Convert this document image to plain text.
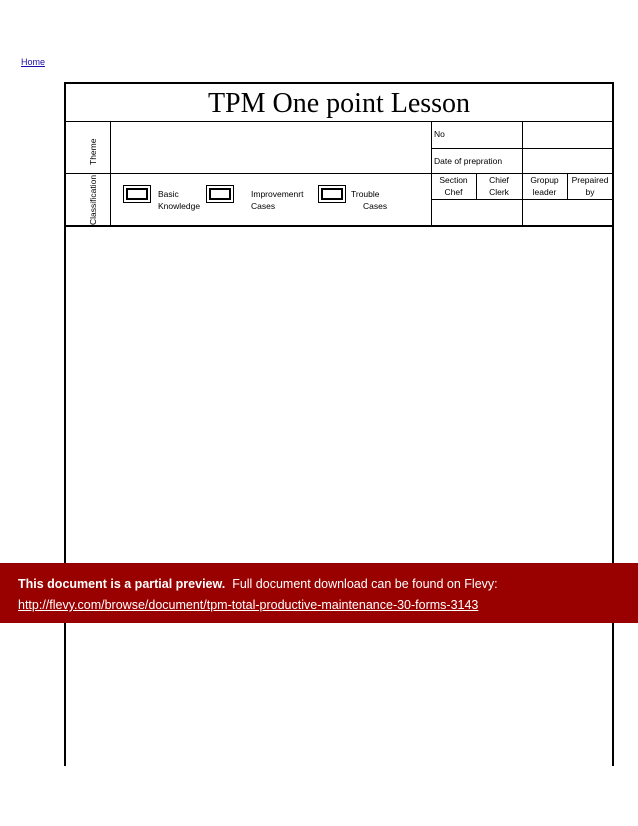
Home
TPM One point Lesson
Theme
Classification
No
Date of prepration
Basic
Knowledge
Improvemenrt
Cases
Trouble
Cases
Section
Chef
Chief
Clerk
Gropup
leader
Prepaired
by
This document is a partial preview. Full document download can be found on Flevy:
http://flevy.com/browse/document/tpm-total-productive-maintenance-30-forms-3143
